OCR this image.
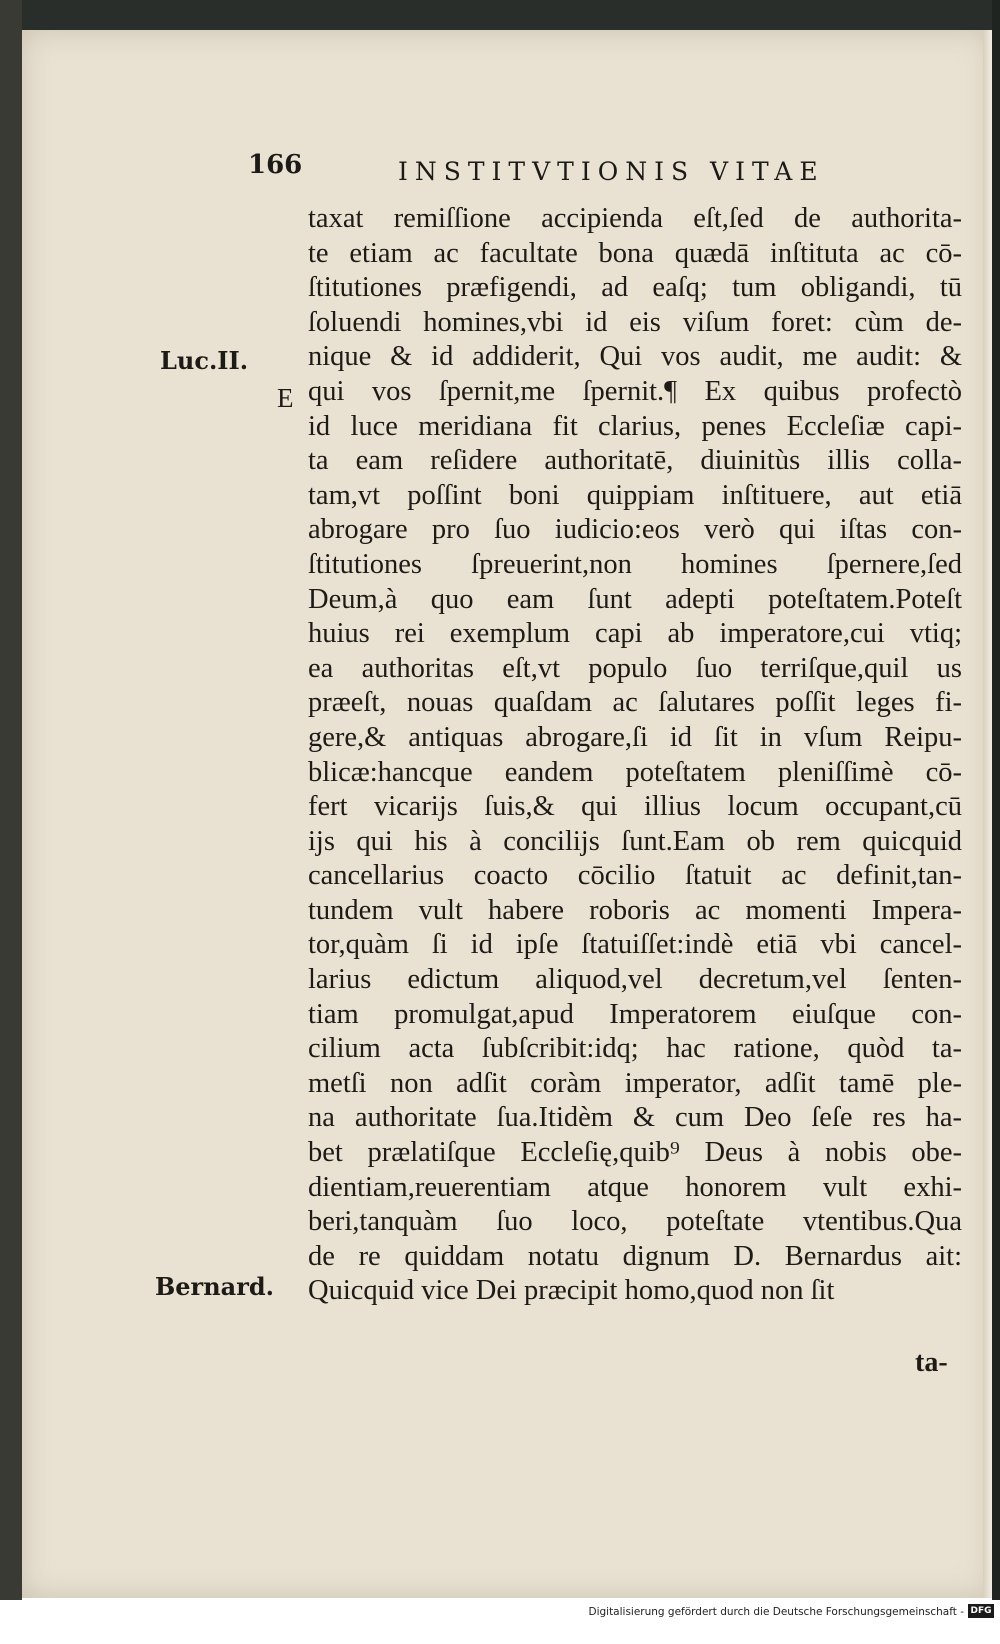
166	INSTITVTIONIS VITAE
Luc.II.
E
Bernard.
taxat remiſſione accipienda eſt,ſed de authorita-
te etiam ac facultate bona quædā inſtituta ac cō-
ſtitutiones præfigendi, ad eaſq; tum obligandi, tū
ſoluendi homines,vbi id eis viſum foret: cùm de-
nique & id addiderit, Qui vos audit, me audit: &
qui vos ſpernit,me ſpernit.¶ Ex quibus profectò
id luce meridiana fit clarius, penes Eccleſiæ capi-
ta eam reſidere authoritatē, diuinitùs illis colla-
tam,vt poſſint boni quippiam inſtituere, aut etiā
abrogare pro ſuo iudicio:eos verò qui iſtas con-
ſtitutiones ſpreuerint,non homines ſpernere,ſed
Deum,à quo eam ſunt adepti poteſtatem.Poteſt
huius rei exemplum capi ab imperatore,cui vtiq;
ea authoritas eſt,vt populo ſuo terriſque,quil us
præeſt, nouas quaſdam ac ſalutares poſſit leges fi-
gere,& antiquas abrogare,ſi id ſit in vſum Reipu-
blicæ:hancque eandem poteſtatem pleniſſimè cō-
fert vicarijs ſuis,& qui illius locum occupant,cū
ijs qui his à concilijs ſunt.Eam ob rem quicquid
cancellarius coacto cōcilio ſtatuit ac definit,tan-
tundem vult habere roboris ac momenti Impera-
tor,quàm ſi id ipſe ſtatuiſſet:indè etiā vbi cancel-
larius edictum aliquod,vel decretum,vel ſenten-
tiam promulgat,apud Imperatorem eiuſque con-
cilium acta ſubſcribit:idq; hac ratione, quòd ta-
metſi non adſit coràm imperator, adſit tamē ple-
na authoritate ſua.Itidèm & cum Deo ſeſe res ha-
bet prælatiſque Eccleſię,quib⁹ Deus à nobis obe-
dientiam,reuerentiam atque honorem vult exhi-
beri,tanquàm ſuo loco, poteſtate vtentibus.Qua
de re quiddam notatu dignum D. Bernardus ait:
Quicquid vice Dei præcipit homo,quod non ſit
ta-
Digitalisierung gefördert durch die Deutsche Forschungsgemeinschaft - DFG
